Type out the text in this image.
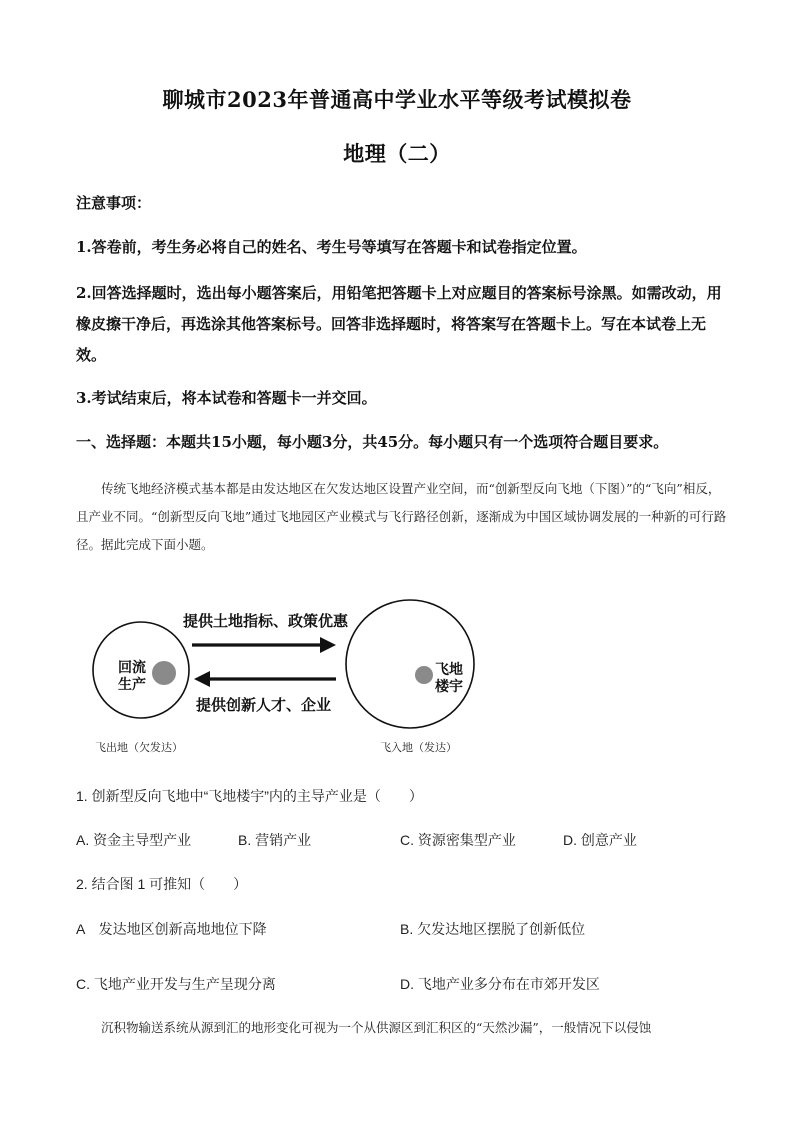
聊城市2023年普通高中学业水平等级考试模拟卷
地理（二）
注意事项：
1.答卷前，考生务必将自己的姓名、考生号等填写在答题卡和试卷指定位置。
2.回答选择题时，选出每小题答案后，用铅笔把答题卡上对应题目的答案标号涂黑。如需改动，用橡皮擦干净后，再选涂其他答案标号。回答非选择题时，将答案写在答题卡上。写在本试卷上无效。
3.考试结束后，将本试卷和答题卡一并交回。
一、选择题：本题共15小题，每小题3分，共45分。每小题只有一个选项符合题目要求。
传统飞地经济模式基本都是由发达地区在欠发达地区设置产业空间，而“创新型反向飞地（下图）”的“飞向”相反，且产业不同。“创新型反向飞地”通过飞地园区产业模式与飞行路径创新，逐渐成为中国区域协调发展的一种新的可行路径。据此完成下面小题。
提供土地指标、政策优惠
提供创新人才、企业
回流
生产
飞地
楼宇
飞出地（欠发达）	飞入地（发达）
1. 创新型反向飞地中“飞地楼宇”内的主导产业是（　　）
A. 资金主导型产业	B. 营销产业	C. 资源密集型产业	D. 创意产业
2. 结合图 1 可推知（　　）
A　发达地区创新高地地位下降	B. 欠发达地区摆脱了创新低位
C. 飞地产业开发与生产呈现分离	D. 飞地产业多分布在市郊开发区
沉积物输送系统从源到汇的地形变化可视为一个从供源区到汇积区的“天然沙漏”，一般情况下以侵蚀
